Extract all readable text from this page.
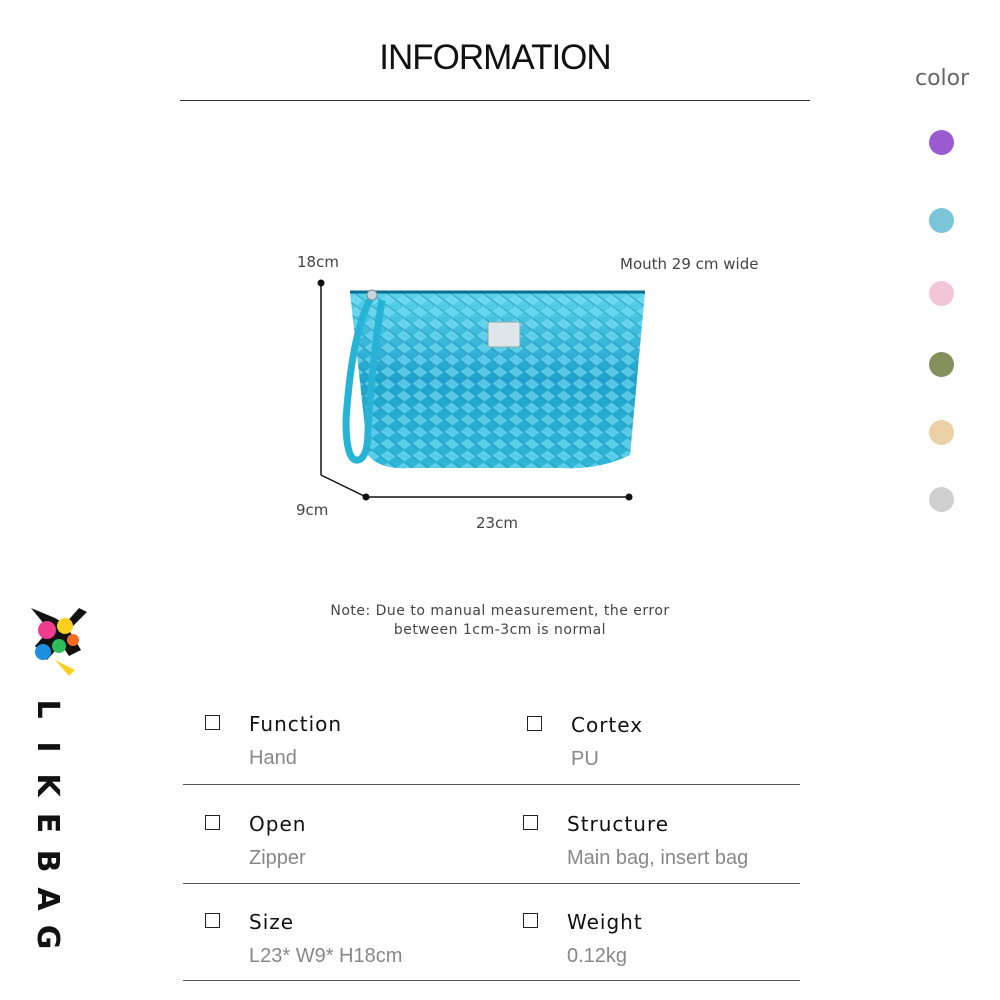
INFORMATION
color
18cm
9cm
23cm
Mouth 29 cm wide
Note: Due to manual measurement, the error
between 1cm-3cm is normal
Function
Hand
Cortex
PU
Open
Zipper
Structure
Main bag, insert bag
Size
L23* W9* H18cm
Weight
0.12kg
L
I
K
E
B
A
G
